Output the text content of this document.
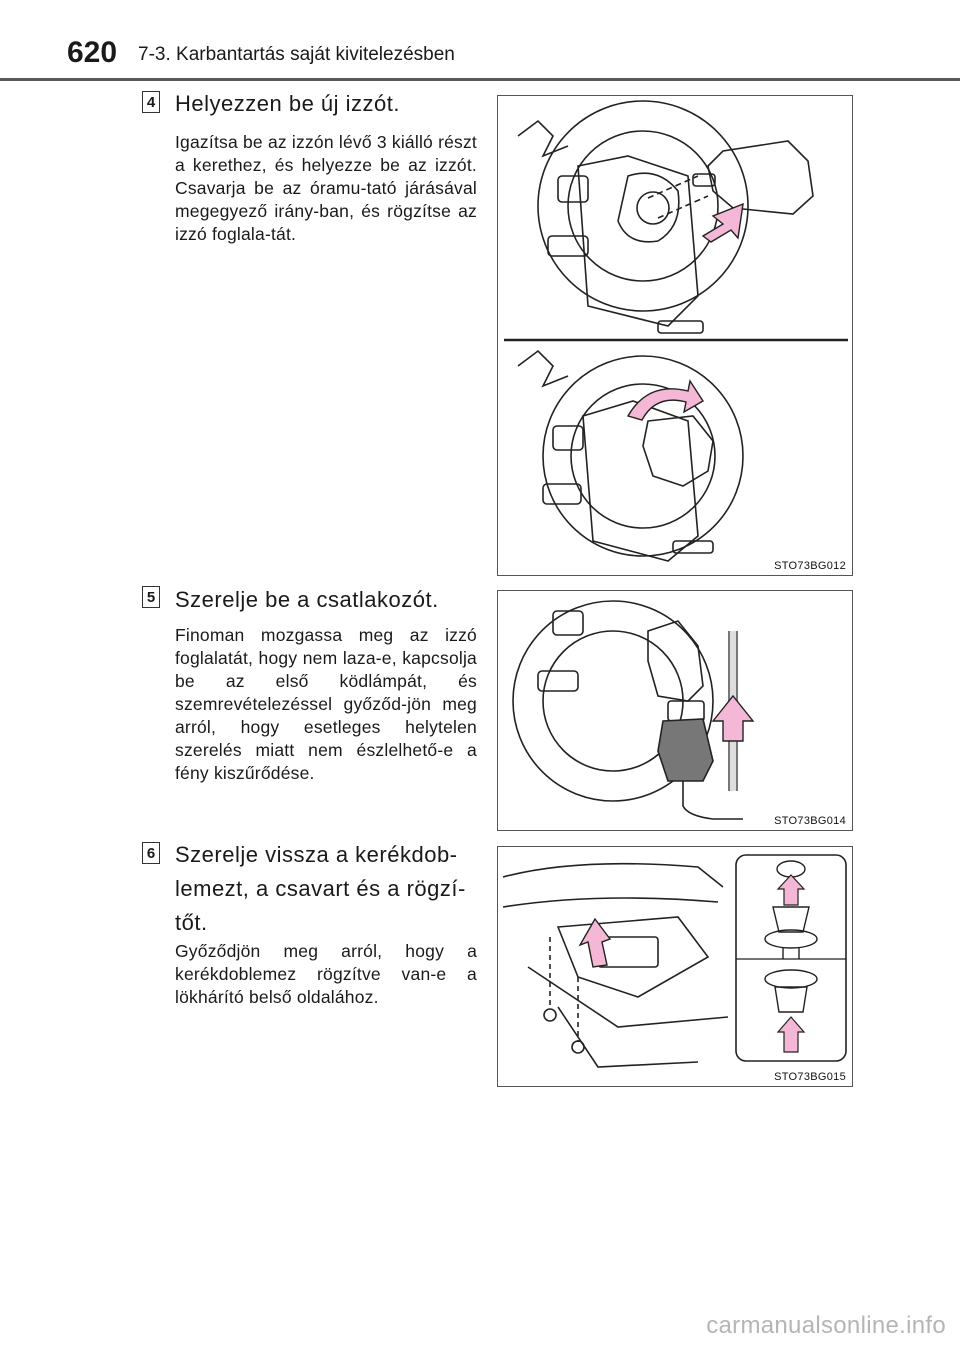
620 7-3. Karbantartás saját kivitelezésben
4 Helyezzen be új izzót.
Igazítsa be az izzón lévő 3 kiálló részt a kerethez, és helyezze be az izzót. Csavarja be az óramu-tató járásával megegyező irány-ban, és rögzítse az izzó foglala-tát.
STO73BG012
5 Szerelje be a csatlakozót.
Finoman mozgassa meg az izzó foglalatát, hogy nem laza-e, kapcsolja be az első ködlámpát, és szemrevételezéssel győződ-jön meg arról, hogy esetleges helytelen szerelés miatt nem észlelhető-e a fény kiszűrődése.
STO73BG014
6 Szerelje vissza a kerékdob-lemezt, a csavart és a rögzí-tőt.
Győződjön meg arról, hogy a kerékdoblemez rögzítve van-e a lökhárító belső oldalához.
STO73BG015
carmanualsonline.info
